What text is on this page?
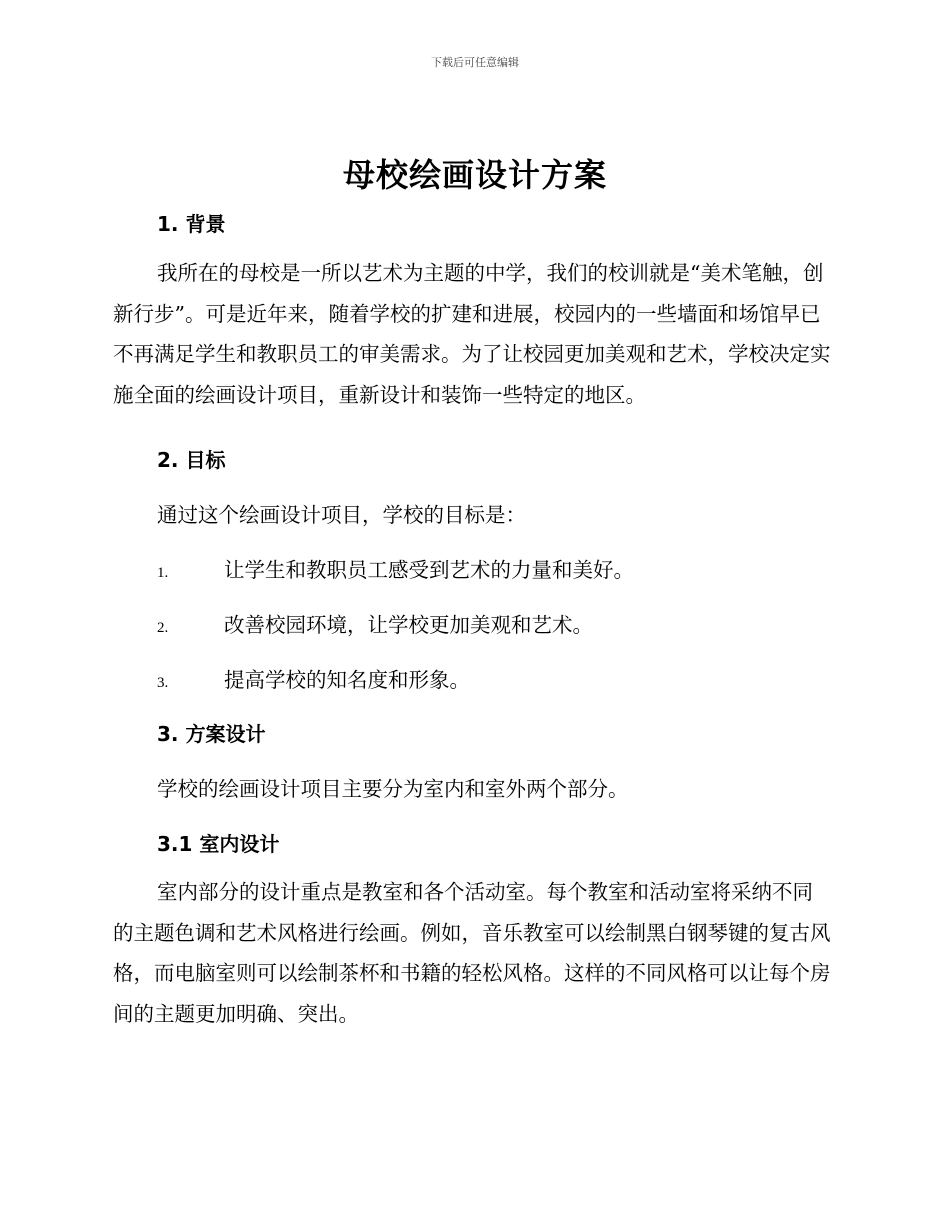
下载后可任意编辑
母校绘画设计方案
1. 背景
我所在的母校是一所以艺术为主题的中学，我们的校训就是“美术笔触，创新行步”。可是近年来，随着学校的扩建和进展，校园内的一些墙面和场馆早已不再满足学生和教职员工的审美需求。为了让校园更加美观和艺术，学校决定实施全面的绘画设计项目，重新设计和装饰一些特定的地区。
2. 目标
通过这个绘画设计项目，学校的目标是：
1.	让学生和教职员工感受到艺术的力量和美好。
2.	改善校园环境，让学校更加美观和艺术。
3.	提高学校的知名度和形象。
3. 方案设计
学校的绘画设计项目主要分为室内和室外两个部分。
3.1 室内设计
室内部分的设计重点是教室和各个活动室。每个教室和活动室将采纳不同的主题色调和艺术风格进行绘画。例如，音乐教室可以绘制黑白钢琴键的复古风格，而电脑室则可以绘制茶杯和书籍的轻松风格。这样的不同风格可以让每个房间的主题更加明确、突出。
